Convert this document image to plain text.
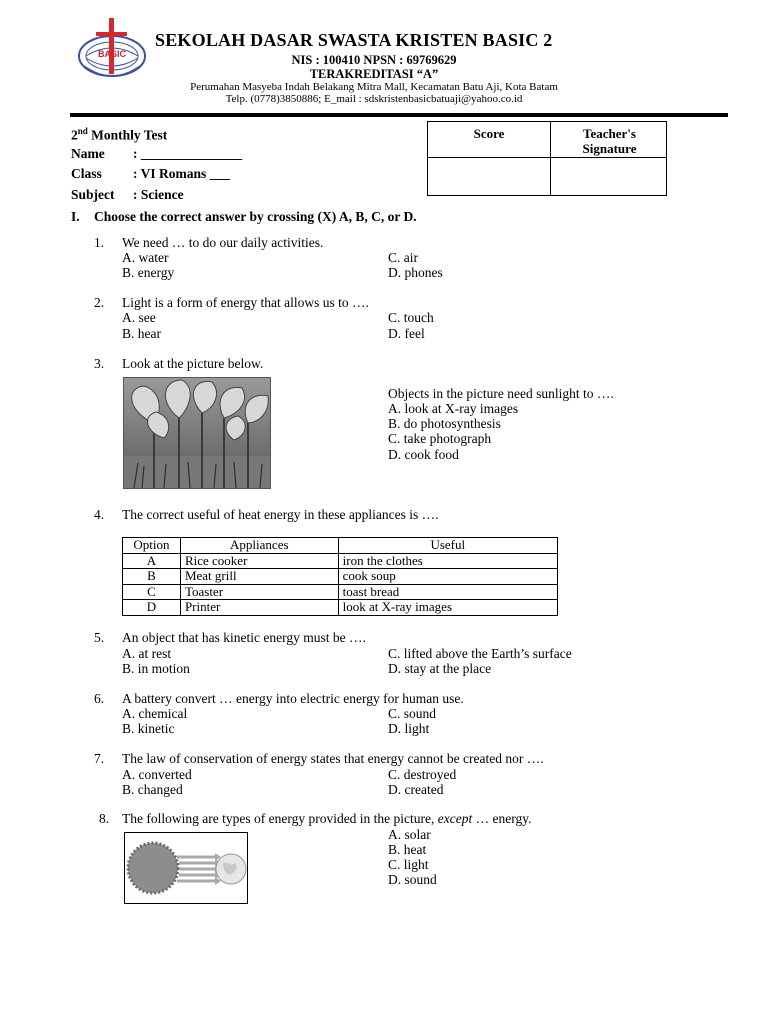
BASIC
SEKOLAH DASAR SWASTA KRISTEN BASIC 2
NIS : 100410 NPSN : 69769629
TERAKREDITASI “A”
Perumahan Masyeba Indah Belakang Mitra Mall, Kecamatan Batu Aji, Kota Batam
Telp. (0778)3850886; E_mail : sdskristenbasicbatuaji@yahoo.co.id
2nd Monthly Test
Name : _______________
Class : VI Romans ___
Subject : Science
Score	Teacher's
Signature
I. Choose the correct answer by crossing (X) A, B, C, or D.
1. We need … to do our daily activities.
A. water
B. energy
C. air
D. phones
2. Light is a form of energy that allows us to ….
A. see
B. hear
C. touch
D. feel
3. Look at the picture below.
Objects in the picture need sunlight to ….
A. look at X-ray images
B. do photosynthesis
C. take photograph
D. cook food
4. The correct useful of heat energy in these appliances is ….
Option	Appliances	Useful
A	Rice cooker	iron the clothes
B	Meat grill	cook soup
C	Toaster	toast bread
D	Printer	look at X-ray images
5. An object that has kinetic energy must be ….
A. at rest
B. in motion
C. lifted above the Earth’s surface
D. stay at the place
6. A battery convert … energy into electric energy for human use.
A. chemical
B. kinetic
C. sound
D. light
7. The law of conservation of energy states that energy cannot be created nor ….
A. converted
B. changed
C. destroyed
D. created
8. The following are types of energy provided in the picture, except … energy.
A. solar
B. heat
C. light
D. sound
